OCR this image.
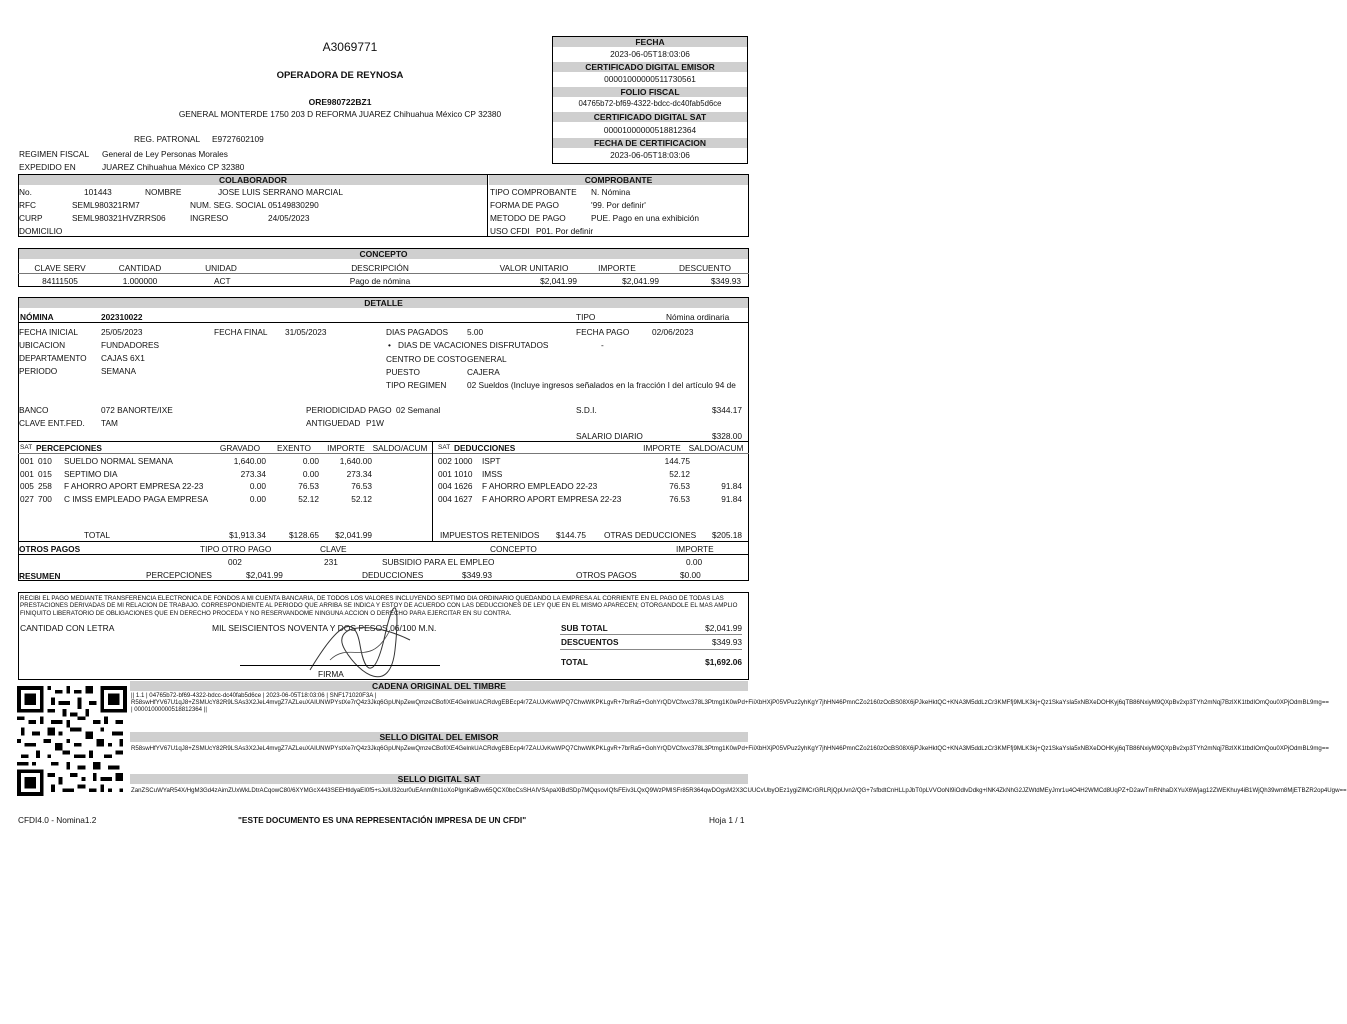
A3069771
OPERADORA DE REYNOSA
ORE980722BZ1
GENERAL MONTERDE 1750 203 D REFORMA JUAREZ Chihuahua México CP 32380
REG. PATRONAL E9727602109
REGIMEN FISCAL General de Ley Personas Morales
EXPEDIDO EN	JUAREZ Chihuahua México CP 32380
FECHA
2023-06-05T18:03:06
CERTIFICADO DIGITAL EMISOR
00001000000511730561
FOLIO FISCAL
04765b72-bf69-4322-bdcc-dc40fab5d6ce
CERTIFICADO DIGITAL SAT
00001000000518812364
FECHA DE CERTIFICACION
2023-06-05T18:03:06
COLABORADOR	COMPROBANTE
No.	101443	NOMBRE	JOSE LUIS SERRANO MARCIAL
RFC	SEML980321RM7	NUM. SEG. SOCIAL 05149830290
CURP	SEML980321HVZRRS06	INGRESO	24/05/2023
DOMICILIO
TIPO COMPROBANTE N. Nómina
FORMA DE PAGO	'99. Por definir'
METODO DE PAGO	PUE. Pago en una exhibición
USO CFDI P01. Por definir
CONCEPTO
CLAVE SERV	CANTIDAD	UNIDAD	DESCRIPCIÓN	VALOR UNITARIO	IMPORTE	DESCUENTO
84111505	1.000000	ACT	Pago de nómina	$2,041.99	$2,041.99	$349.93
DETALLE
NÓMINA	202310022	TIPO	Nómina ordinaria
FECHA INICIAL	25/05/2023	FECHA FINAL 31/05/2023	DIAS PAGADOS 5.00	FECHA PAGO	02/06/2023
UBICACION	FUNDADORES	• DIAS DE VACACIONES DISFRUTADOS	-
DEPARTAMENTO CAJAS 6X1	CENTRO DE COSTO GENERAL
PERIODO	SEMANA	PUESTO	CAJERA
TIPO REGIMEN 02 Sueldos (Incluye ingresos señalados en la fracción I del artículo 94 de
BANCO	072 BANORTE/IXE	PERIODICIDAD PAGO 02 Semanal	S.D.I.	$344.17
CLAVE ENT.FED. TAM	ANTIGUEDAD P1W
SALARIO DIARIO	$328.00
SAT PERCEPCIONES	GRAVADO	EXENTO	IMPORTE SALDO/ACUM SAT DEDUCCIONES	IMPORTE SALDO/ACUM
001 010 SUELDO NORMAL SEMANA	1,640.00	0.00	1,640.00
001 015 SEPTIMO DIA	273.34	0.00	273.34
005 258 F AHORRO APORT EMPRESA 22-23	0.00	76.53	76.53
027 700 C IMSS EMPLEADO PAGA EMPRESA	0.00	52.12	52.12
002 1000 ISPT	144.75
001 1010 IMSS	52.12
004 1626 F AHORRO EMPLEADO 22-23	76.53	91.84
004 1627 F AHORRO APORT EMPRESA 22-23	76.53	91.84
TOTAL	$1,913.34	$128.65	$2,041.99	IMPUESTOS RETENIDOS	$144.75 OTRAS DEDUCCIONES	$205.18
OTROS PAGOS	TIPO OTRO PAGO	CLAVE	CONCEPTO	IMPORTE
002	231	SUBSIDIO PARA EL EMPLEO	0.00
RESUMEN	PERCEPCIONES	$2,041.99	DEDUCCIONES	$349.93	OTROS PAGOS	$0.00
RECIBI EL PAGO MEDIANTE TRANSFERENCIA ELECTRONICA DE FONDOS A MI CUENTA BANCARIA, DE TODOS LOS VALORES INCLUYENDO SEPTIMO DIA ORDINARIO QUEDANDO LA EMPRESA AL CORRIENTE EN EL PAGO DE TODAS LAS PRESTACIONES DERIVADAS DE MI RELACION DE TRABAJO. CORRESPONDIENTE AL PERIODO QUE ARRIBA SE INDICA Y ESTOY DE ACUERDO CON LAS DEDUCCIONES DE LEY QUE EN EL MISMO APARECEN; OTORGANDOLE EL MAS AMPLIO FINIQUITO LIBERATORIO DE OBLIGACIONES QUE EN DERECHO PROCEDA Y NO RESERVANDOME NINGUNA ACCION O DERECHO PARA EJERCITAR EN SU CONTRA.
CANTIDAD CON LETRA	MIL SEISCIENTOS NOVENTA Y DOS PESOS 06/100 M.N.	SUB TOTAL	$2,041.99
DESCUENTOS	$349.93
TOTAL	$1,692.06
FIRMA
CADENA ORIGINAL DEL TIMBRE
|| 1.1 | 04765b72-bf69-4322-bdcc-dc40fab5d6ce | 2023-06-05T18:03:06 | SNF171020F3A | R58swHfYV67U1qJ8+ZSMUcY82R9LSAs3X2JeL4mvgZ7AZLeuXAIUNWPYstXe7rQ4z3Jkq6GpUNpZewQmzeCBofIXE4GelnkUACRdvgEBEcp4r7ZAUJvKwWPQ7ChwWKPKLgvR+7brRa5+GohYrQDVCfxvc378L3Ptmg1K0wPd+FiiXbHXjP05VPuz2yhKgY7jhHN46PmnCZo2160zOcBS08X6jPJkeHktQC+KNA3M5ddLzCr3KMFfj9MLK3kj+Qz1SkaYsla5xNBXeDOHKyj6qTB86NxiyM9QXpBv2xp3TYh2mNqj7BzlXK1tbdIOmQou0XPjOdmBL9mg== | 00001000000518812364 ||
SELLO DIGITAL DEL EMISOR
R58swHfYV67U1qJ8+ZSMUcY82R9LSAs3X2JeL4mvgZ7AZLeuXAIUNWPYstXe7rQ4z3Jkq6GpUNpZewQmzeCBofIXE4GelnkUACRdvgEBEcp4r7ZAUJvKwWPQ7ChwWKPKLgvR+7brRa5+GohYrQDVCfxvc378L3Ptmg1K0wPd+FiiXbHXjP05VPuz2yhKgY7jhHN46PmnCZo2160zOcBS08X6jPJkeHktQC+KNA3M5ddLzCr3KMFfj9MLK3kj+Qz1SkaYsla5xNBXeDOHKyj6qTB86NxiyM9QXpBv2xp3TYh2mNqj7BzlXK1tbdIOmQou0XPjOdmBL9mg==
SELLO DIGITAL SAT
ZanZSCuWYaR54X/HgM3Gd4zAimZUxWkLDtrACqowC80/6XYMGcX443SEEHtldyaEI0f5+sJolU32cur0uEAnm0hI1oXoPlgnKaBvw65QCX0bcCsSHAIVSApaXlBdSDp7MQqsovIQfsFEiv3LQxQ9WzPMISFr85R364qwDOgsM2X3CUUCvUbyOEz1ygiZIMCrGRLRjQpUvn2/QG+7sfbdtCnHLLpJbT0pLVVOoNI9iOdlvDdkg+lNK4ZkNhG2JZWtdMEyJmr1u4O4H2WMCd8UqPZ+D2awTmRNhaDXYuX6Wjag12ZWEKhuy4iB1WjQh39wm8MjETBZR2op4Ugw==
CFDI4.0 - Nomina1.2	"ESTE DOCUMENTO ES UNA REPRESENTACIÓN IMPRESA DE UN CFDI"	Hoja 1 / 1
